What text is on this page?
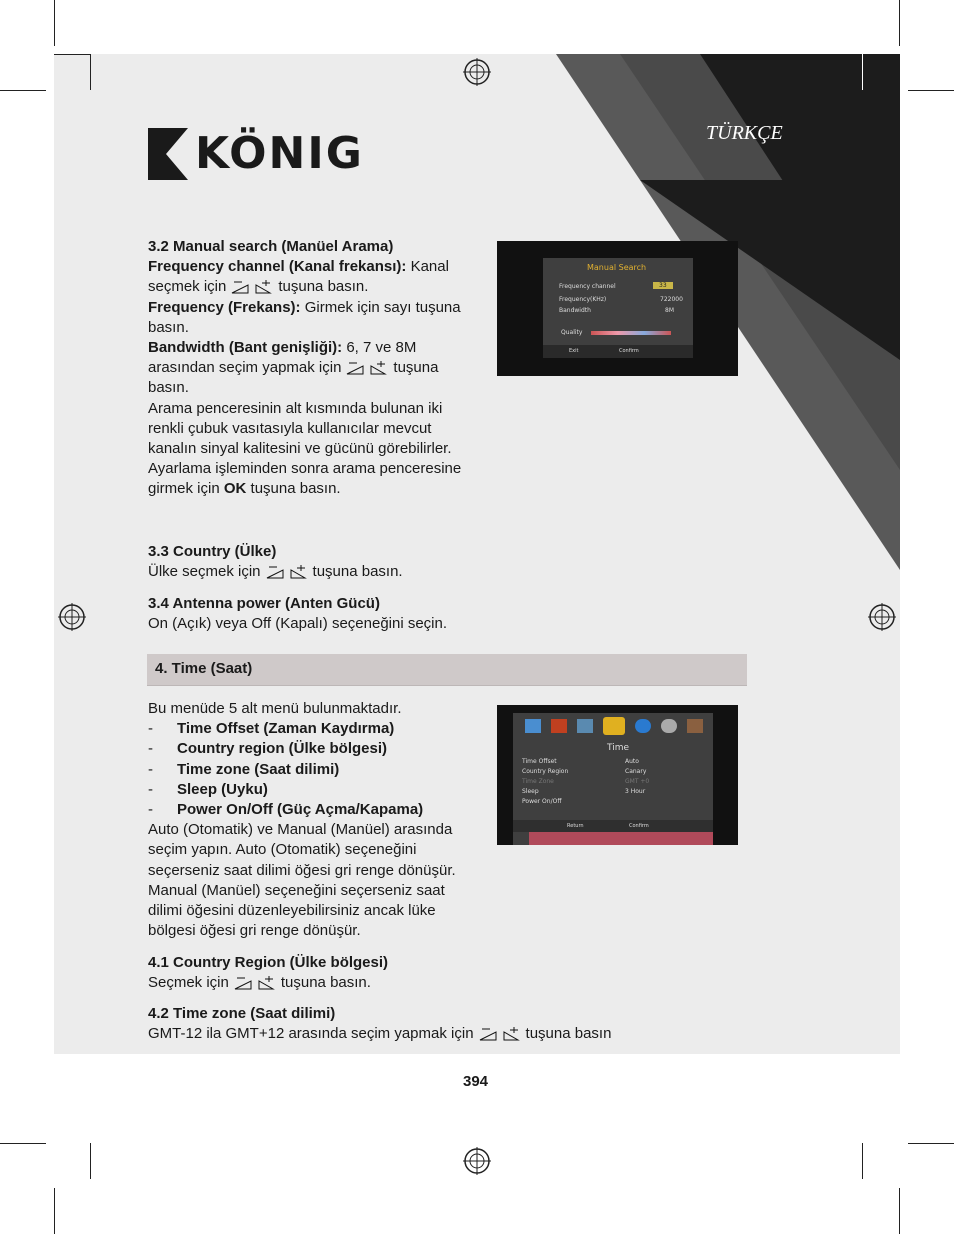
KÖNIG	TÜRKÇE
3.2 Manual search (Manüel Arama)
Frequency channel (Kanal frekansı): Kanal
seçmek için	tuşuna basın.
Frequency (Frekans): Girmek için sayı tuşuna basın.
Bandwidth (Bant genişliği): 6, 7 ve 8M
arasından seçim yapmak için	tuşuna basın.
Arama penceresinin alt kısmında bulunan iki renkli çubuk vasıtasıyla kullanıcılar mevcut kanalın sinyal kalitesini ve gücünü görebilirler. Ayarlama işleminden sonra arama penceresine
girmek için OK tuşuna basın.
Manual Search
Frequency channel	33
Frequency(KHz)	722000
Bandwidth	8M
Quality
Exit	Confirm
3.3 Country (Ülke)
Ülke seçmek için	tuşuna basın.
3.4 Antenna power (Anten Gücü)
On (Açık) veya Off (Kapalı) seçeneğini seçin.
4. Time (Saat)
Bu menüde 5 alt menü bulunmaktadır.
- Time Offset (Zaman Kaydırma)
- Country region (Ülke bölgesi)
- Time zone (Saat dilimi)
- Sleep (Uyku)
- Power On/Off (Güç Açma/Kapama)
Auto (Otomatik) ve Manual (Manüel) arasında seçim yapın. Auto (Otomatik) seçeneğini seçerseniz saat dilimi öğesi gri renge dönüşür. Manual (Manüel) seçeneğini seçerseniz saat dilimi öğesini düzenleyebilirsiniz ancak lüke bölgesi öğesi gri renge dönüşür.
Time
Time Offset	Auto
Country Region	Canary
Time Zone	GMT +0
Sleep	3 Hour
Power On/Off
Return	Confirm
4.1 Country Region (Ülke bölgesi)
Seçmek için	tuşuna basın.
4.2 Time zone (Saat dilimi)
GMT-12 ila GMT+12 arasında seçim yapmak için	tuşuna basın
394
